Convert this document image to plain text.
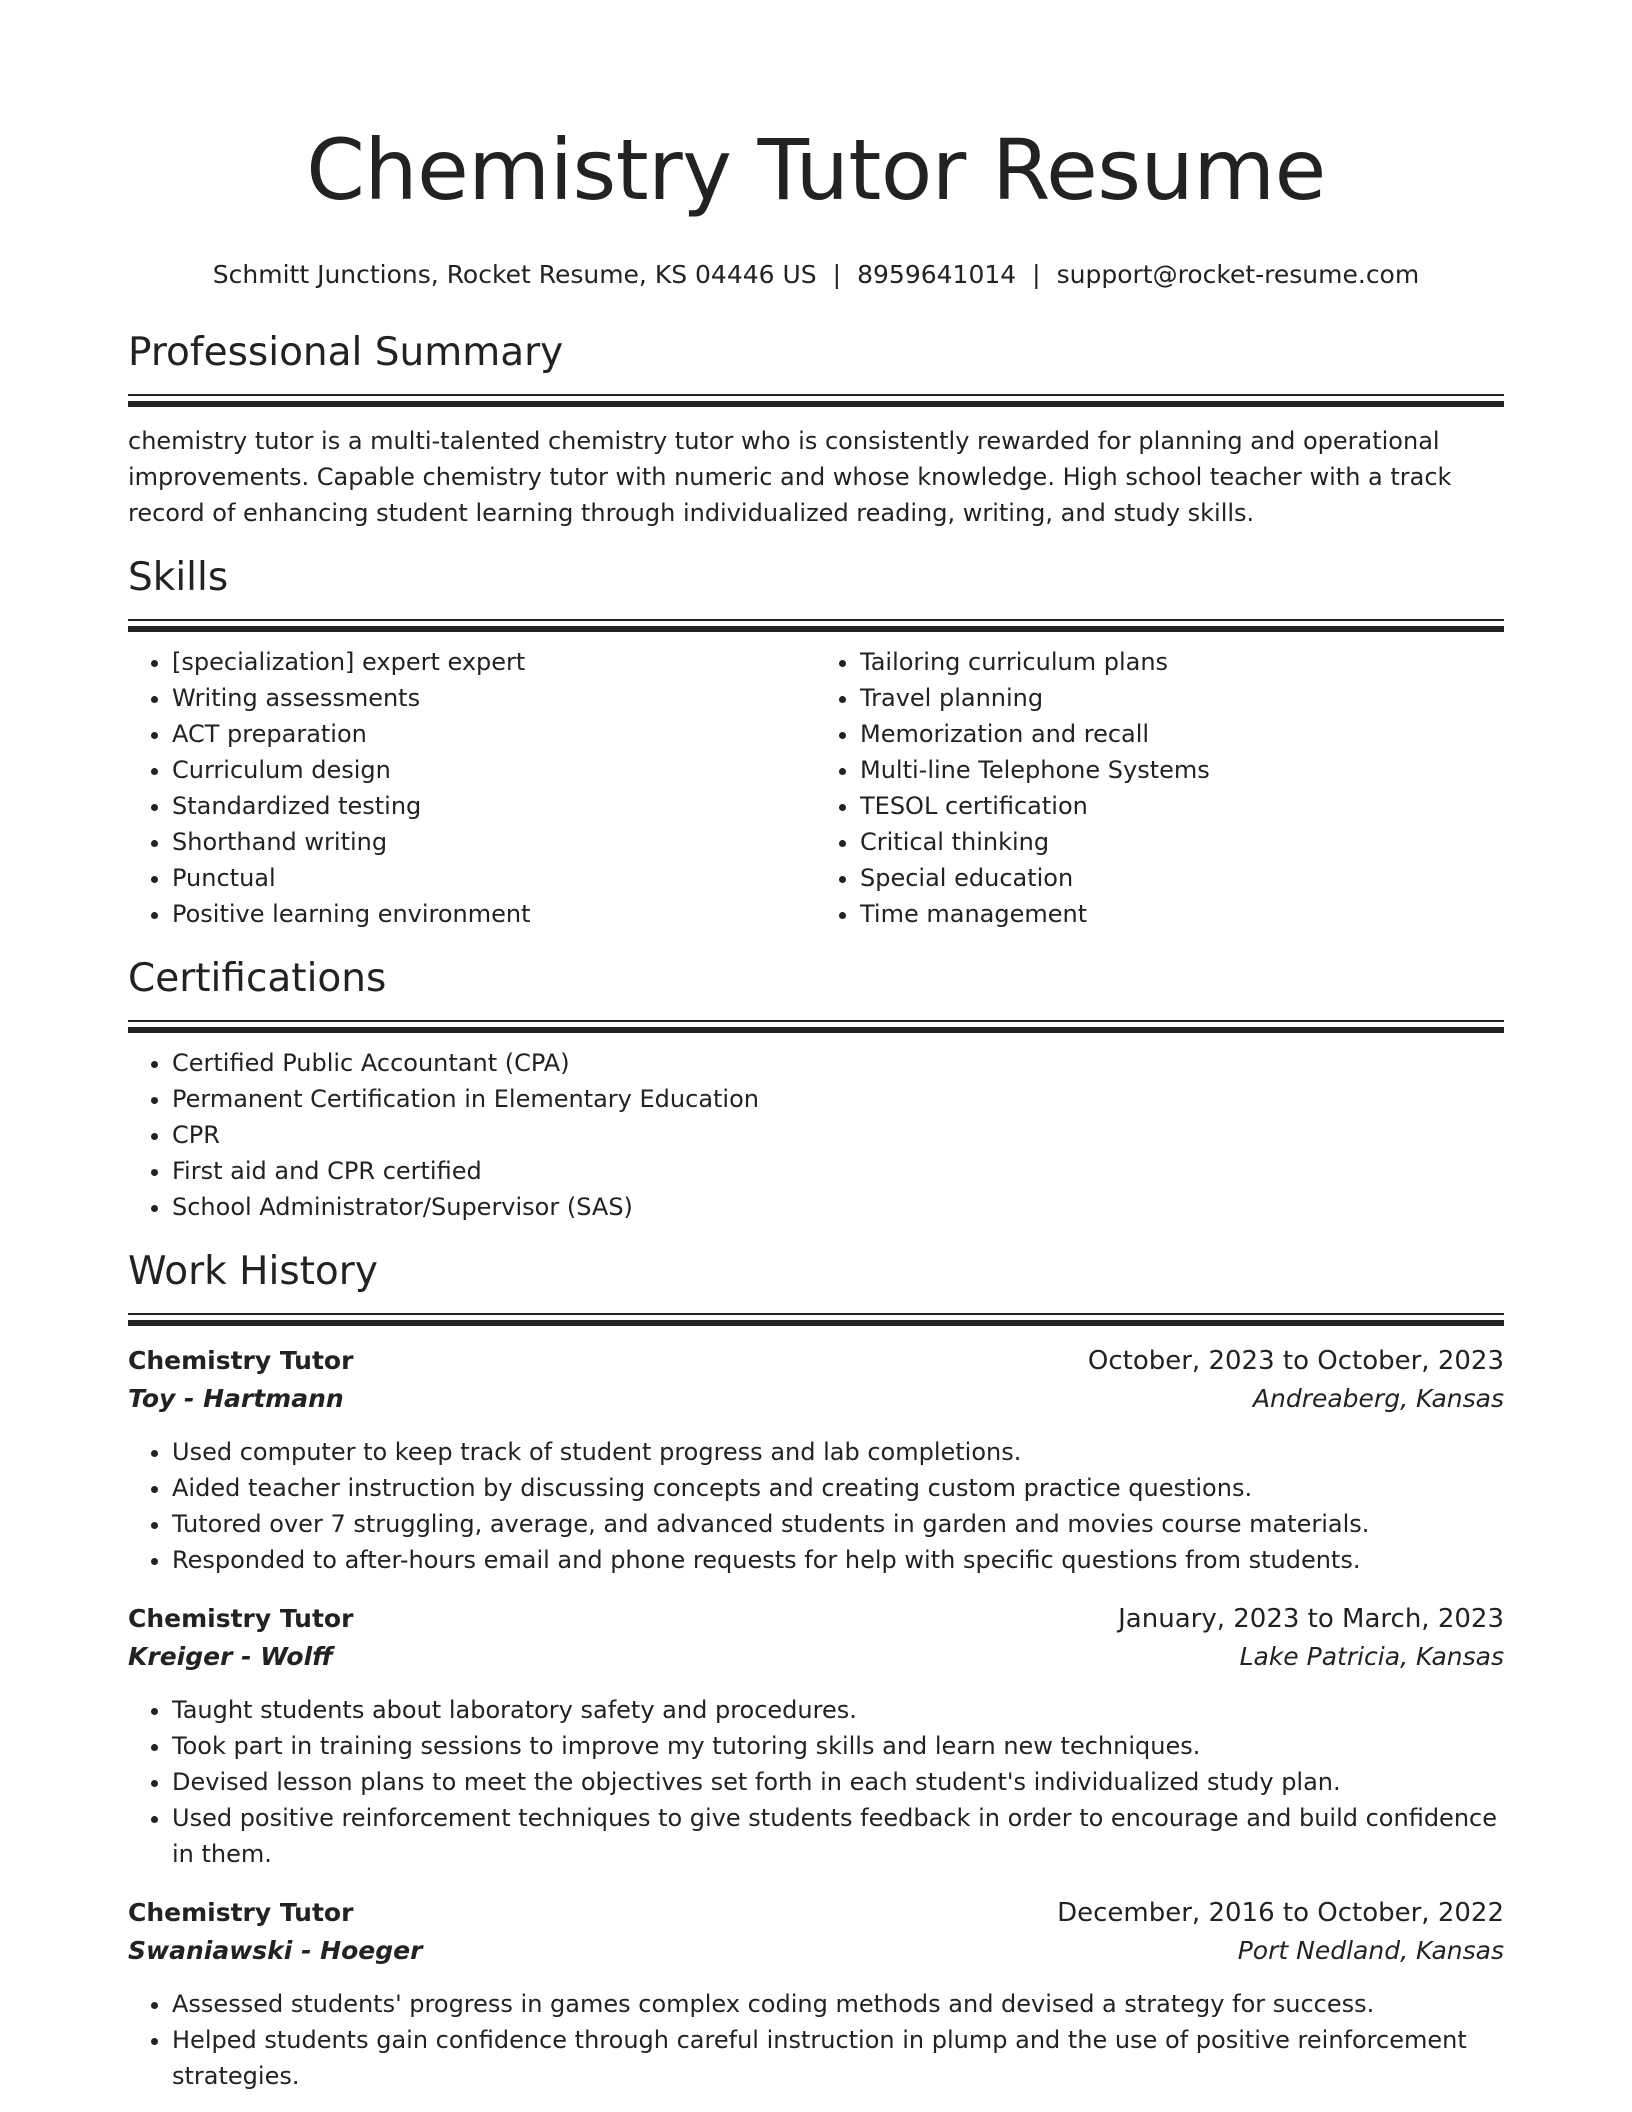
Chemistry Tutor Resume
Schmitt Junctions, Rocket Resume, KS 04446 US | 8959641014 | support@rocket-resume.com
Professional Summary

chemistry tutor is a multi-talented chemistry tutor who is consistently rewarded for planning and operational improvements. Capable chemistry tutor with numeric and whose knowledge. High school teacher with a track record of enhancing student learning through individualized reading, writing, and study skills.

Skills
• [specialization] expert expert
• Writing assessments
• ACT preparation
• Curriculum design
• Standardized testing
• Shorthand writing
• Punctual
• Positive learning environment
• Tailoring curriculum plans
• Travel planning
• Memorization and recall
• Multi-line Telephone Systems
• TESOL certification
• Critical thinking
• Special education
• Time management
Certifications
• Certified Public Accountant (CPA)
• Permanent Certification in Elementary Education
• CPR
• First aid and CPR certified
• School Administrator/Supervisor (SAS)
Work History
Chemistry Tutor	October, 2023 to October, 2023
Toy - Hartmann	Andreaberg, Kansas
• Used computer to keep track of student progress and lab completions.
• Aided teacher instruction by discussing concepts and creating custom practice questions.
• Tutored over 7 struggling, average, and advanced students in garden and movies course materials.
• Responded to after-hours email and phone requests for help with specific questions from students.
Chemistry Tutor	January, 2023 to March, 2023
Kreiger - Wolff	Lake Patricia, Kansas
• Taught students about laboratory safety and procedures.
• Took part in training sessions to improve my tutoring skills and learn new techniques.
• Devised lesson plans to meet the objectives set forth in each student's individualized study plan.
• Used positive reinforcement techniques to give students feedback in order to encourage and build confidence in them.
Chemistry Tutor	December, 2016 to October, 2022
Swaniawski - Hoeger	Port Nedland, Kansas
• Assessed students' progress in games complex coding methods and devised a strategy for success.
• Helped students gain confidence through careful instruction in plump and the use of positive reinforcement strategies.
